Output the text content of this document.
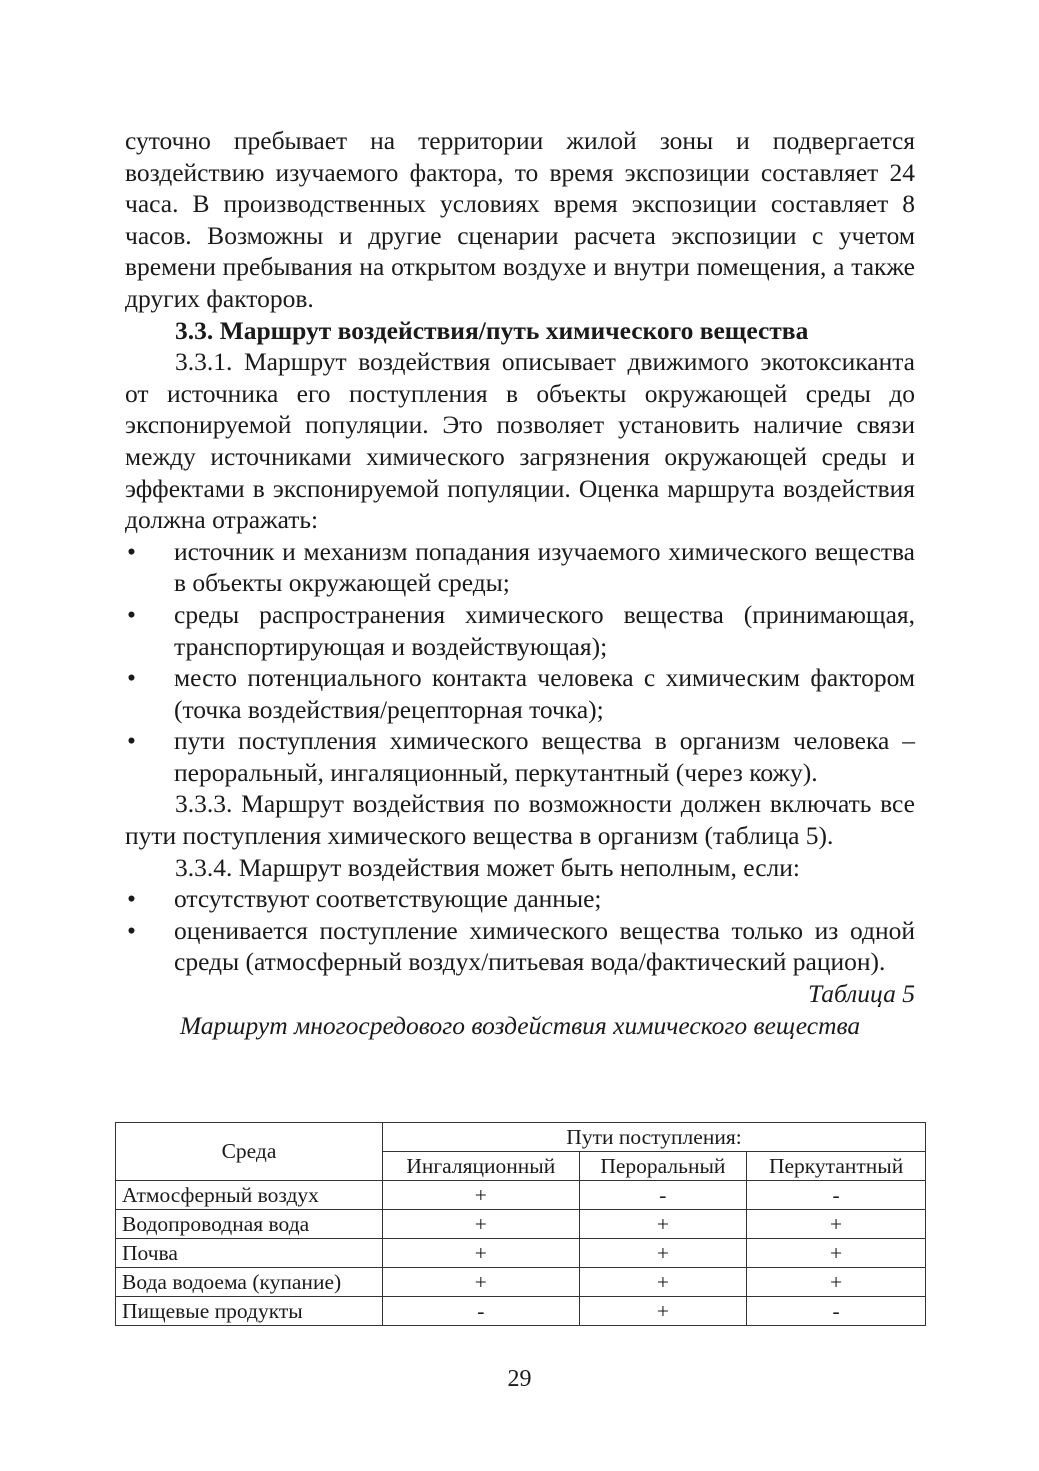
суточно пребывает на территории жилой зоны и подвергается воздействию изучаемого фактора, то время экспозиции составляет 24 часа. В производственных условиях время экспозиции составляет 8 часов. Возможны и другие сценарии расчета экспозиции с учетом времени пребывания на открытом воздухе и внутри помещения, а также других факторов.

3.3. Маршрут воздействия/путь химического вещества

3.3.1. Маршрут воздействия описывает движимого экотоксиканта от источника его поступления в объекты окружающей среды до экспонируемой популяции. Это позволяет установить наличие связи между источниками химического загрязнения окружающей среды и эффектами в экспонируемой популяции. Оценка маршрута воздействия должна отражать:

• источник и механизм попадания изучаемого химического вещества в объекты окружающей среды;
• среды распространения химического вещества (принимающая, транспортирующая и воздействующая);
• место потенциального контакта человека с химическим фактором (точка воздействия/рецепторная точка);
• пути поступления химического вещества в организм человека – пероральный, ингаляционный, перкутантный (через кожу).

3.3.3. Маршрут воздействия по возможности должен включать все пути поступления химического вещества в организм (таблица 5).

3.3.4. Маршрут воздействия может быть неполным, если:

• отсутствуют соответствующие данные;
• оценивается поступление химического вещества только из одной среды (атмосферный воздух/питьевая вода/фактический рацион).

Таблица 5

Маршрут многосредового воздействия химического вещества

Среда	Пути поступления:		
	Ингаляционный	Пероральный	Перкутантный
Атмосферный воздух	+	-	-
Водопроводная вода	+	+	+
Почва	+	+	+
Вода водоема (купание)	+	+	+
Пищевые продукты	-	+	-
29
